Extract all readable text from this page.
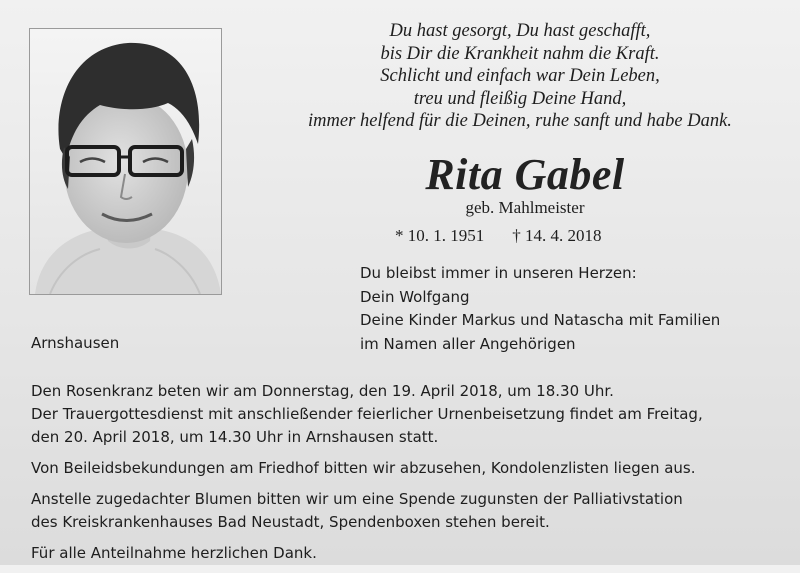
Du hast gesorgt, Du hast geschafft,
bis Dir die Krankheit nahm die Kraft.
Schlicht und einfach war Dein Leben,
treu und fleißig Deine Hand,
immer helfend für die Deinen, ruhe sanft und habe Dank.
Rita Gabel
geb. Mahlmeister
* 10. 1. 1951 † 14. 4. 2018
Du bleibst immer in unseren Herzen:
Dein Wolfgang
Deine Kinder Markus und Natascha mit Familien
im Namen aller Angehörigen
Arnshausen

Den Rosenkranz beten wir am Donnerstag, den 19. April 2018, um 18.30 Uhr.
Der Trauergottesdienst mit anschließender feierlicher Urnenbeisetzung findet am Freitag,
den 20. April 2018, um 14.30 Uhr in Arnshausen statt.

Von Beileidsbekundungen am Friedhof bitten wir abzusehen, Kondolenzlisten liegen aus.

Anstelle zugedachter Blumen bitten wir um eine Spende zugunsten der Palliativstation
des Kreiskrankenhauses Bad Neustadt, Spendenboxen stehen bereit.

Für alle Anteilnahme herzlichen Dank.
